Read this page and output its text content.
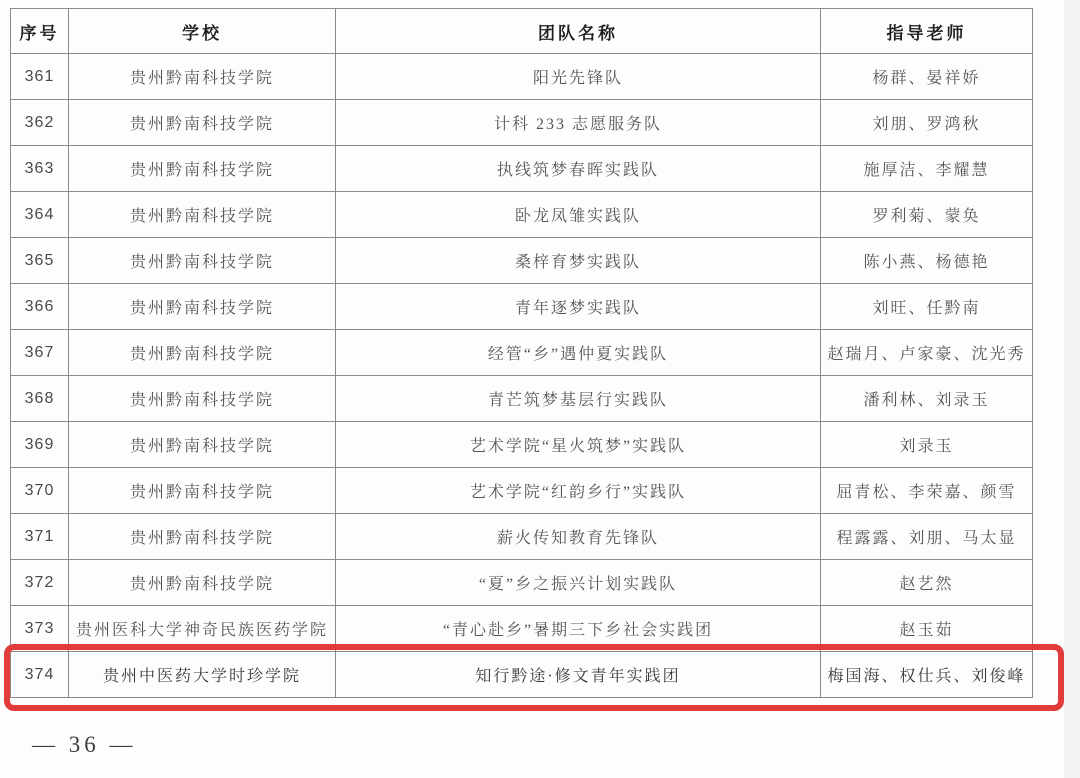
序号	学校	团队名称	指导老师
361	贵州黔南科技学院	阳光先锋队	杨群、晏祥娇
362	贵州黔南科技学院	计科 233 志愿服务队	刘朋、罗鸿秋
363	贵州黔南科技学院	执线筑梦春晖实践队	施厚洁、李耀慧
364	贵州黔南科技学院	卧龙凤雏实践队	罗利菊、蒙奂
365	贵州黔南科技学院	桑梓育梦实践队	陈小燕、杨德艳
366	贵州黔南科技学院	青年逐梦实践队	刘旺、任黔南
367	贵州黔南科技学院	经管“乡”遇仲夏实践队	赵瑞月、卢家豪、沈光秀
368	贵州黔南科技学院	青芒筑梦基层行实践队	潘利林、刘录玉
369	贵州黔南科技学院	艺术学院“星火筑梦”实践队	刘录玉
370	贵州黔南科技学院	艺术学院“红韵乡行”实践队	屈青松、李荣嘉、颜雪
371	贵州黔南科技学院	薪火传知教育先锋队	程露露、刘朋、马太显
372	贵州黔南科技学院	“夏”乡之振兴计划实践队	赵艺然
373	贵州医科大学神奇民族医药学院	“青心赴乡”暑期三下乡社会实践团	赵玉茹
374	贵州中医药大学时珍学院	知行黔途·修文青年实践团	梅国海、权仕兵、刘俊峰
— 36 —
